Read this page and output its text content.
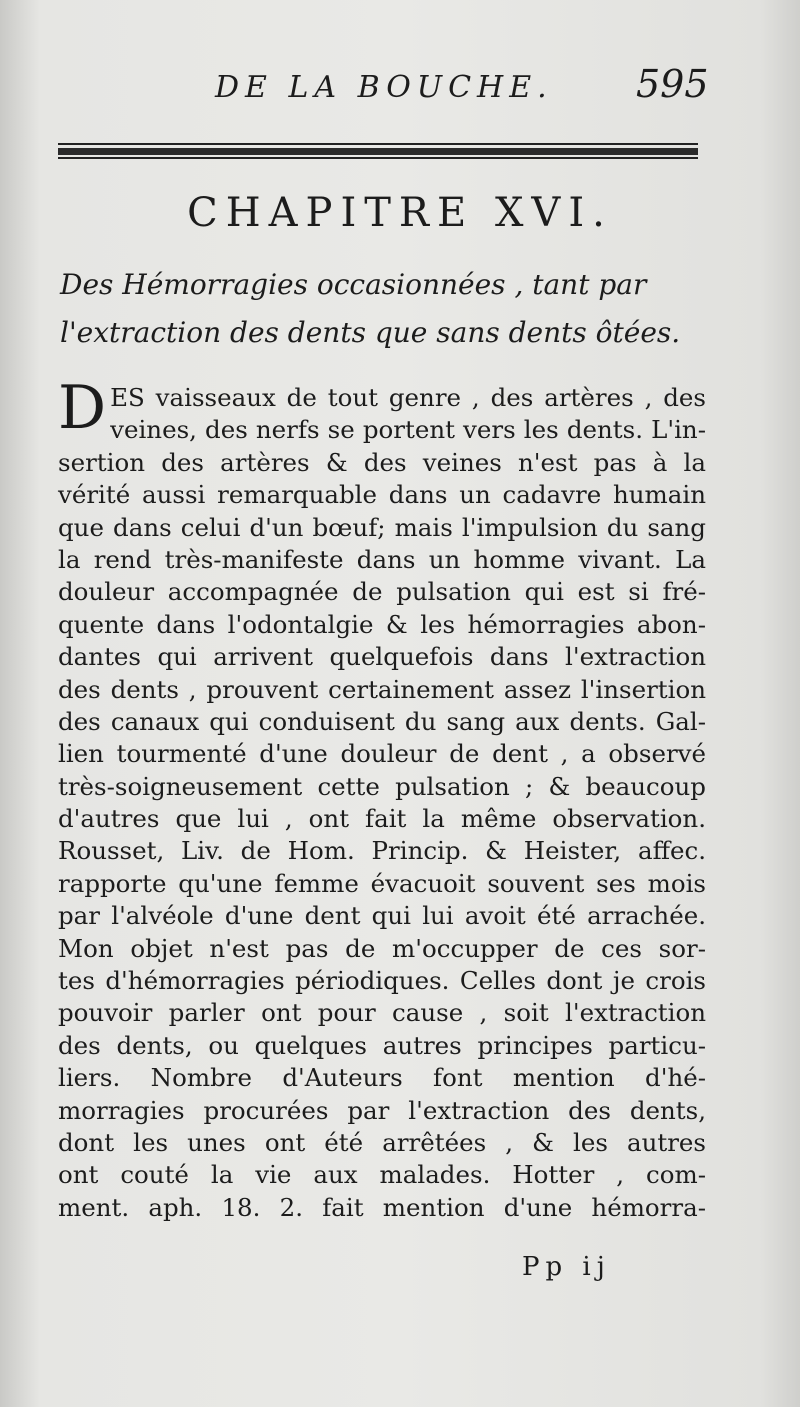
DE LA BOUCHE. 595
CHAPITRE XVI.
Des Hémorragies occasionnées , tant par
l'extraction des dents que sans dents ôtées.
D ES vaisseaux de tout genre , des artères , des
veines, des nerfs se portent vers les dents. L'in-
sertion des artères & des veines n'est pas à la
vérité aussi remarquable dans un cadavre humain
que dans celui d'un bœuf; mais l'impulsion du sang
la rend très-manifeste dans un homme vivant. La
douleur accompagnée de pulsation qui est si fré-
quente dans l'odontalgie & les hémorragies abon-
dantes qui arrivent quelquefois dans l'extraction
des dents , prouvent certainement assez l'insertion
des canaux qui conduisent du sang aux dents. Gal-
lien tourmenté d'une douleur de dent , a observé
très-soigneusement cette pulsation ; & beaucoup
d'autres que lui , ont fait la même observation.
Rousset, Liv. de Hom. Princip. & Heister, affec.
rapporte qu'une femme évacuoit souvent ses mois
par l'alvéole d'une dent qui lui avoit été arrachée.
Mon objet n'est pas de m'occupper de ces sor-
tes d'hémorragies périodiques. Celles dont je crois
pouvoir parler ont pour cause , soit l'extraction
des dents, ou quelques autres principes particu-
liers. Nombre d'Auteurs font mention d'hé-
morragies procurées par l'extraction des dents,
dont les unes ont été arrêtées , & les autres
ont couté la vie aux malades. Hotter , com-
ment. aph. 18. 2. fait mention d'une hémorra-
Pp ij
